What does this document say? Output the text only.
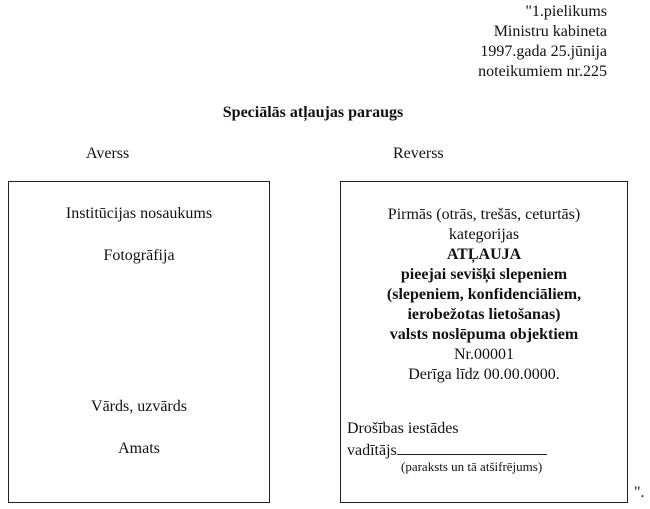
"1.pielikums
Ministru kabineta
1997.gada 25.jūnija
noteikumiem nr.225
Speciālās atļaujas paraugs
Averss	Reverss
Institūcijas nosaukums
Fotogrāfija
Vārds, uzvārds
Amats
Pirmās (otrās, trešās, ceturtās)
kategorijas
ATĻAUJA
pieejai sevišķi slepeniem
(slepeniem, konfidenciāliem,
ierobežotas lietošanas)
valsts noslēpuma objektiem
Nr.00001
Derīga līdz 00.00.0000.
Drošības iestādes
vadītājs
(paraksts un tā atšifrējums)
".
